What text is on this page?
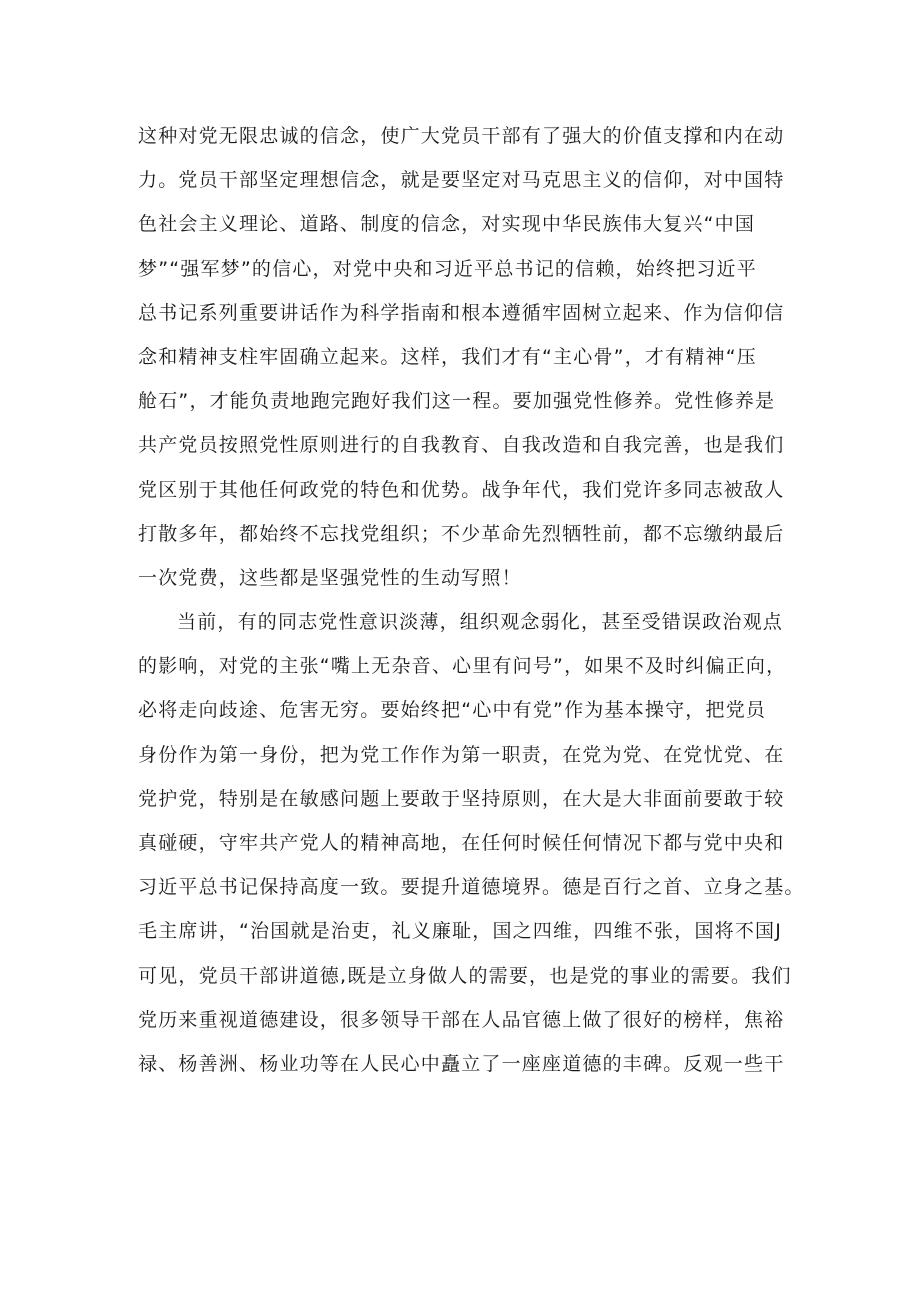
这种对党无限忠诚的信念，使广大党员干部有了强大的价值支撑和内在动
力。党员干部坚定理想信念，就是要坚定对马克思主义的信仰，对中国特
色社会主义理论、道路、制度的信念，对实现中华民族伟大复兴“中国
梦”“强军梦”的信心，对党中央和习近平总书记的信赖，始终把习近平
总书记系列重要讲话作为科学指南和根本遵循牢固树立起来、作为信仰信
念和精神支柱牢固确立起来。这样，我们才有“主心骨”，才有精神“压
舱石”，才能负责地跑完跑好我们这一程。要加强党性修养。党性修养是
共产党员按照党性原则进行的自我教育、自我改造和自我完善，也是我们
党区别于其他任何政党的特色和优势。战争年代，我们党许多同志被敌人
打散多年，都始终不忘找党组织；不少革命先烈牺牲前，都不忘缴纳最后
一次党费，这些都是坚强党性的生动写照！
当前，有的同志党性意识淡薄，组织观念弱化，甚至受错误政治观点
的影响，对党的主张“嘴上无杂音、心里有问号”，如果不及时纠偏正向，
必将走向歧途、危害无穷。要始终把“心中有党”作为基本操守，把党员
身份作为第一身份，把为党工作作为第一职责，在党为党、在党忧党、在
党护党，特别是在敏感问题上要敢于坚持原则，在大是大非面前要敢于较
真碰硬，守牢共产党人的精神高地，在任何时候任何情况下都与党中央和
习近平总书记保持高度一致。要提升道德境界。德是百行之首、立身之基。
毛主席讲，“治国就是治吏，礼义廉耻，国之四维，四维不张，国将不国J
可见，党员干部讲道德,既是立身做人的需要，也是党的事业的需要。我们
党历来重视道德建设，很多领导干部在人品官德上做了很好的榜样，焦裕
禄、杨善洲、杨业功等在人民心中矗立了一座座道德的丰碑。反观一些干
